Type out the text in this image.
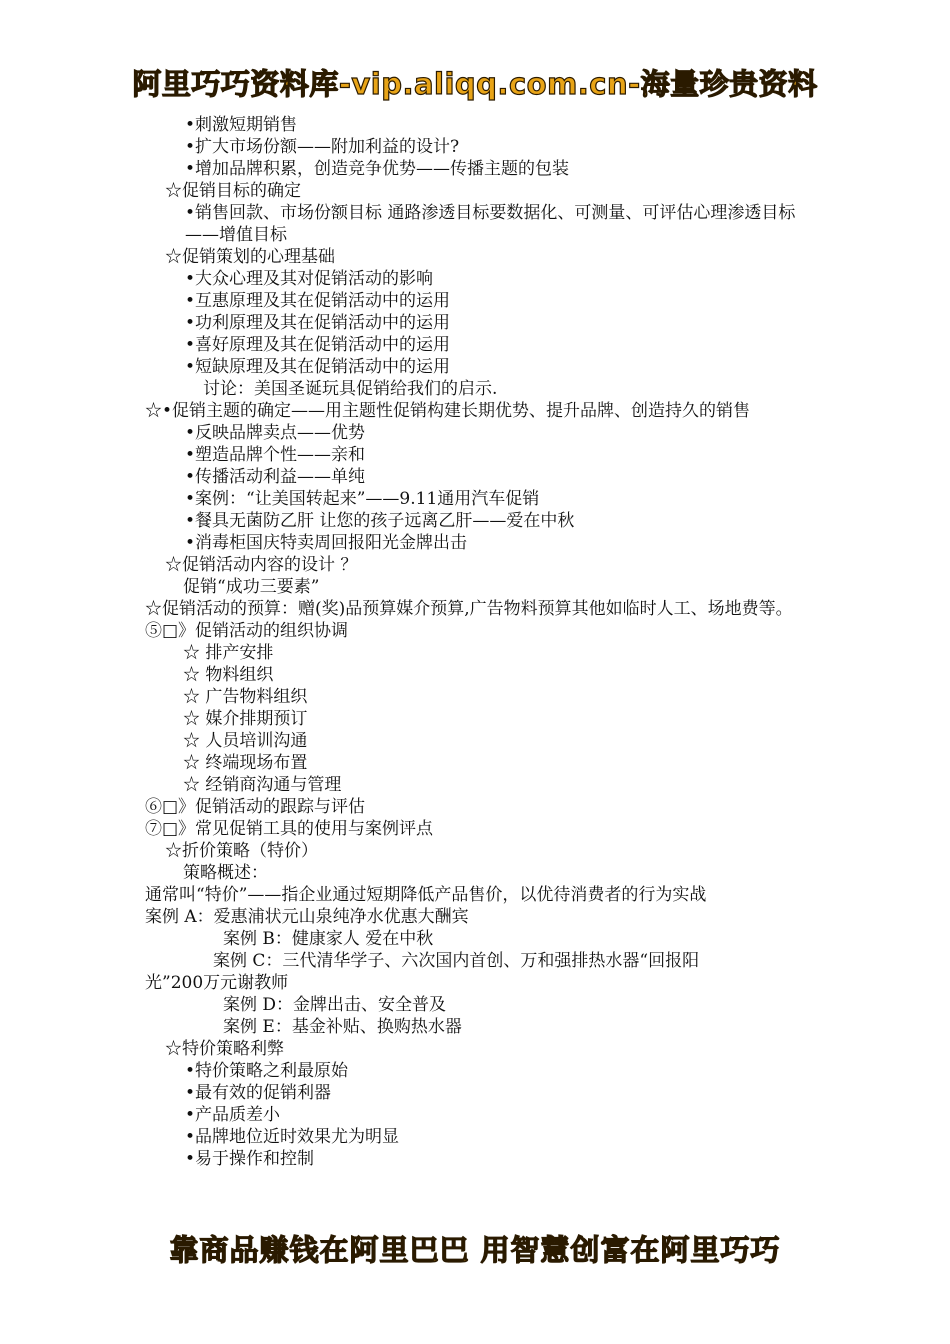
阿里巧巧资料库-vip.aliqq.com.cn-海量珍贵资料
•刺激短期销售
•扩大市场份额——附加利益的设计?
•增加品牌积累，创造竞争优势——传播主题的包装
☆促销目标的确定
•销售回款、市场份额目标 通路渗透目标要数据化、可测量、可评估心理渗透目标——增值目标
☆促销策划的心理基础
•大众心理及其对促销活动的影响
•互惠原理及其在促销活动中的运用
•功利原理及其在促销活动中的运用
•喜好原理及其在促销活动中的运用
•短缺原理及其在促销活动中的运用
讨论：美国圣诞玩具促销给我们的启示.
☆•促销主题的确定——用主题性促销构建长期优势、提升品牌、创造持久的销售
•反映品牌卖点——优势
•塑造品牌个性——亲和
•传播活动利益——单纯
•案例：“让美国转起来”——9.11通用汽车促销
•餐具无菌防乙肝 让您的孩子远离乙肝——爱在中秋
•消毒柜国庆特卖周回报阳光金牌出击
☆促销活动内容的设计 ？
促销“成功三要素”
☆促销活动的预算：赠(奖)品预算媒介预算,广告物料预算其他如临时人工、场地费等。
⑤□》促销活动的组织协调
☆ 排产安排
☆ 物料组织
☆ 广告物料组织
☆ 媒介排期预订
☆ 人员培训沟通
☆ 终端现场布置
☆ 经销商沟通与管理
⑥□》促销活动的跟踪与评估
⑦□》常见促销工具的使用与案例评点
☆折价策略（特价）
策略概述：
通常叫“特价”——指企业通过短期降低产品售价，以优待消费者的行为实战
案例 A：爱惠浦状元山泉纯净水优惠大酬宾
案例 B：健康家人 爱在中秋
案例 C：三代清华学子、六次国内首创、万和强排热水器“回报阳
光”200万元谢教师
案例 D：金牌出击、安全普及
案例 E：基金补贴、换购热水器
☆特价策略利弊
•特价策略之利最原始
•最有效的促销利器
•产品质差小
•品牌地位近时效果尤为明显
•易于操作和控制
靠商品赚钱在阿里巴巴 用智慧创富在阿里巧巧
